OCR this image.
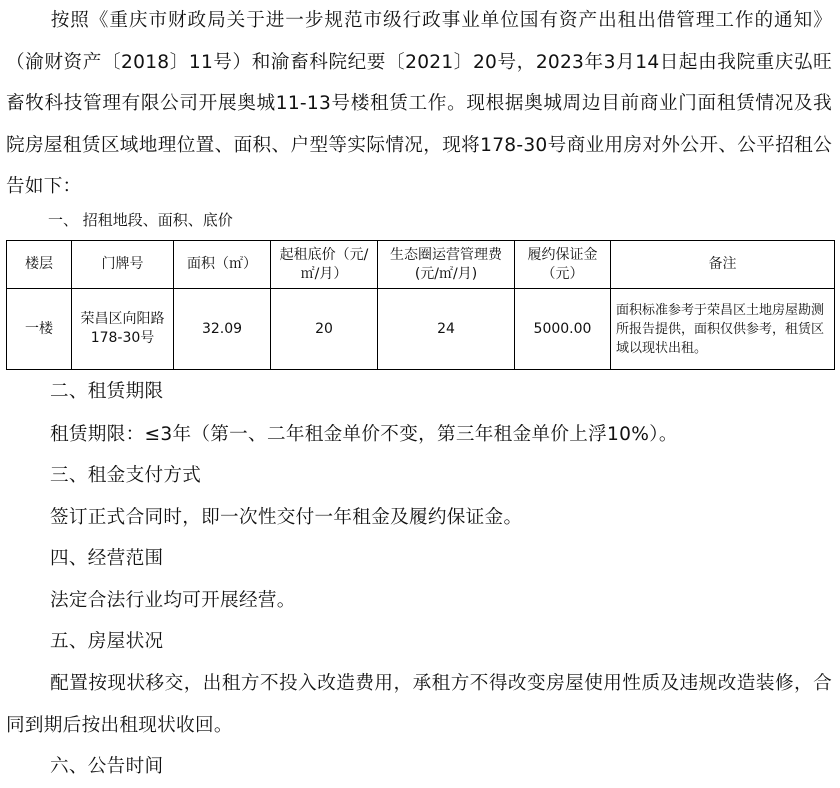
按照《重庆市财政局关于进一步规范市级行政事业单位国有资产出租出借管理工作的通知》（渝财资产〔2018〕11号）和渝畜科院纪要〔2021〕20号，2023年3月14日起由我院重庆弘旺畜牧科技管理有限公司开展奥城11-13号楼租赁工作。现根据奥城周边目前商业门面租赁情况及我院房屋租赁区域地理位置、面积、户型等实际情况，现将178-30号商业用房对外公开、公平招租公告如下：

一、 招租地段、面积、底价

楼层	门牌号	面积（㎡）	起租底价（元/㎡/月）	生态圈运营管理费(元/㎡/月)	履约保证金（元）	备注
一楼	荣昌区向阳路178-30号	32.09	20	24	5000.00	面积标准参考于荣昌区土地房屋勘测所报告提供，面积仅供参考，租赁区域以现状出租。

二、租赁期限

租赁期限：≤3年（第一、二年租金单价不变，第三年租金单价上浮10%）。

三、租金支付方式

签订正式合同时，即一次性交付一年租金及履约保证金。

四、经营范围

法定合法行业均可开展经营。

五、房屋状况

配置按现状移交，出租方不投入改造费用，承租方不得改变房屋使用性质及违规改造装修，合同到期后按出租现状收回。

六、公告时间
